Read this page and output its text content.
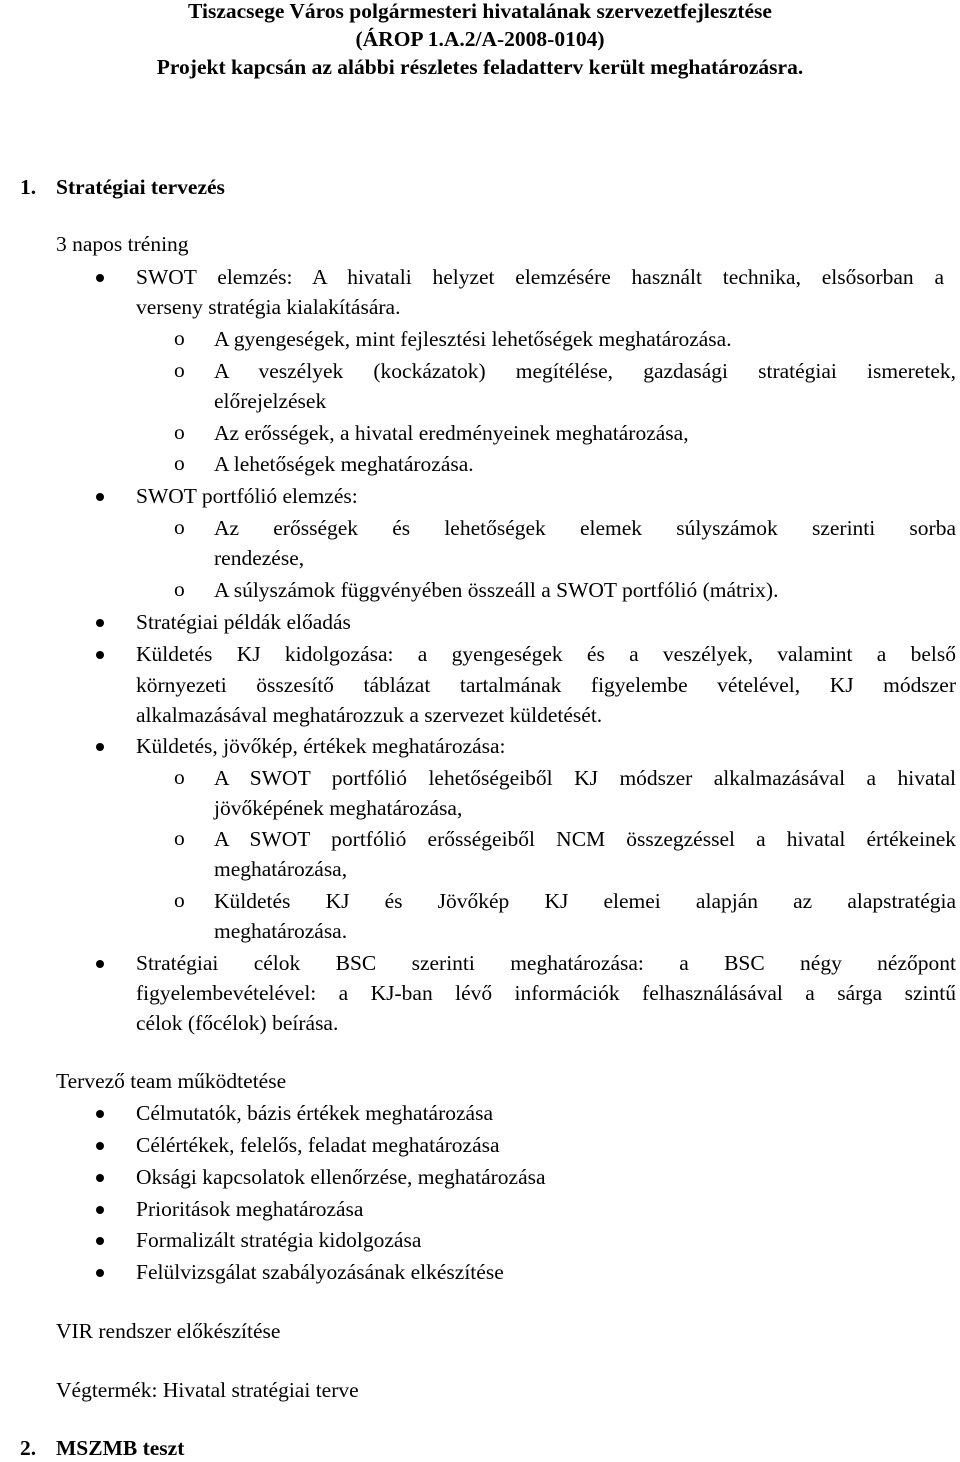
Tiszacsege Város polgármesteri hivatalának szervezetfejlesztése
(ÁROP 1.A.2/A-2008-0104)
Projekt kapcsán az alábbi részletes feladatterv került meghatározásra.
1. Stratégiai tervezés
3 napos tréning
SWOT elemzés: A hivatali helyzet elemzésére használt technika, elsősorban a
verseny stratégia kialakítására.
o A gyengeségek, mint fejlesztési lehetőségek meghatározása.
o A veszélyek (kockázatok) megítélése, gazdasági stratégiai ismeretek,
előrejelzések
o Az erősségek, a hivatal eredményeinek meghatározása,
o A lehetőségek meghatározása.
SWOT portfólió elemzés:
o Az erősségek és lehetőségek elemek súlyszámok szerinti sorba
rendezése,
o A súlyszámok függvényében összeáll a SWOT portfólió (mátrix).
Stratégiai példák előadás
Küldetés KJ kidolgozása: a gyengeségek és a veszélyek, valamint a belső
környezeti összesítő táblázat tartalmának figyelembe vételével, KJ módszer
alkalmazásával meghatározzuk a szervezet küldetését.
Küldetés, jövőkép, értékek meghatározása:
o A SWOT portfólió lehetőségeiből KJ módszer alkalmazásával a hivatal
jövőképének meghatározása,
o A SWOT portfólió erősségeiből NCM összegzéssel a hivatal értékeinek
meghatározása,
o Küldetés KJ és Jövőkép KJ elemei alapján az alapstratégia
meghatározása.
Stratégiai célok BSC szerinti meghatározása: a BSC négy nézőpont
figyelembevételével: a KJ-ban lévő információk felhasználásával a sárga szintű
célok (főcélok) beírása.
Tervező team működtetése
Célmutatók, bázis értékek meghatározása
Célértékek, felelős, feladat meghatározása
Oksági kapcsolatok ellenőrzése, meghatározása
Prioritások meghatározása
Formalizált stratégia kidolgozása
Felülvizsgálat szabályozásának elkészítése
VIR rendszer előkészítése
Végtermék: Hivatal stratégiai terve
2. MSZMB teszt
